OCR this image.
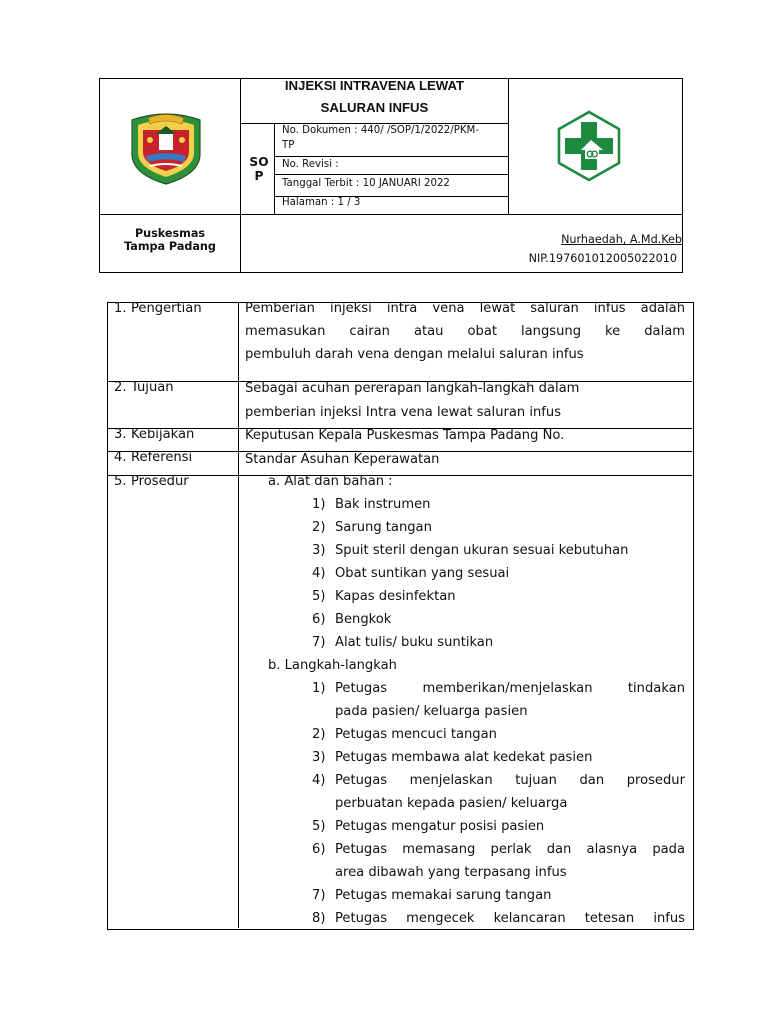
INJEKSI INTRAVENA LEWAT
SALURAN INFUS
SO
P
No. Dokumen : 440/ /SOP/1/2022/PKM-
TP
No. Revisi :
Tanggal Terbit : 10 JANUARI 2022
Halaman : 1 / 3
Puskesmas
Tampa Padang
Nurhaedah, A.Md.Keb
NIP.197601012005022010
1. Pengertian
2. Tujuan
3. Kebijakan
4. Referensi
5. Prosedur
Pemberian injeksi intra vena lewat saluran infus adalah
memasukan cairan atau obat langsung ke dalam
pembuluh darah vena dengan melalui saluran infus
Sebagai acuhan pererapan langkah-langkah dalam
pemberian injeksi Intra vena lewat saluran infus
Keputusan Kepala Puskesmas Tampa Padang No.
Standar Asuhan Keperawatan
a. Alat dan bahan :
1) Bak instrumen
2) Sarung tangan
3) Spuit steril dengan ukuran sesuai kebutuhan
4) Obat suntikan yang sesuai
5) Kapas desinfektan
6) Bengkok
7) Alat tulis/ buku suntikan
b. Langkah-langkah
1) Petugas memberikan/menjelaskan tindakan
pada pasien/ keluarga pasien
2) Petugas mencuci tangan
3) Petugas membawa alat kedekat pasien
4) Petugas menjelaskan tujuan dan prosedur
perbuatan kepada pasien/ keluarga
5) Petugas mengatur posisi pasien
6) Petugas memasang perlak dan alasnya pada
area dibawah yang terpasang infus
7) Petugas memakai sarung tangan
8) Petugas mengecek kelancaran tetesan infus
